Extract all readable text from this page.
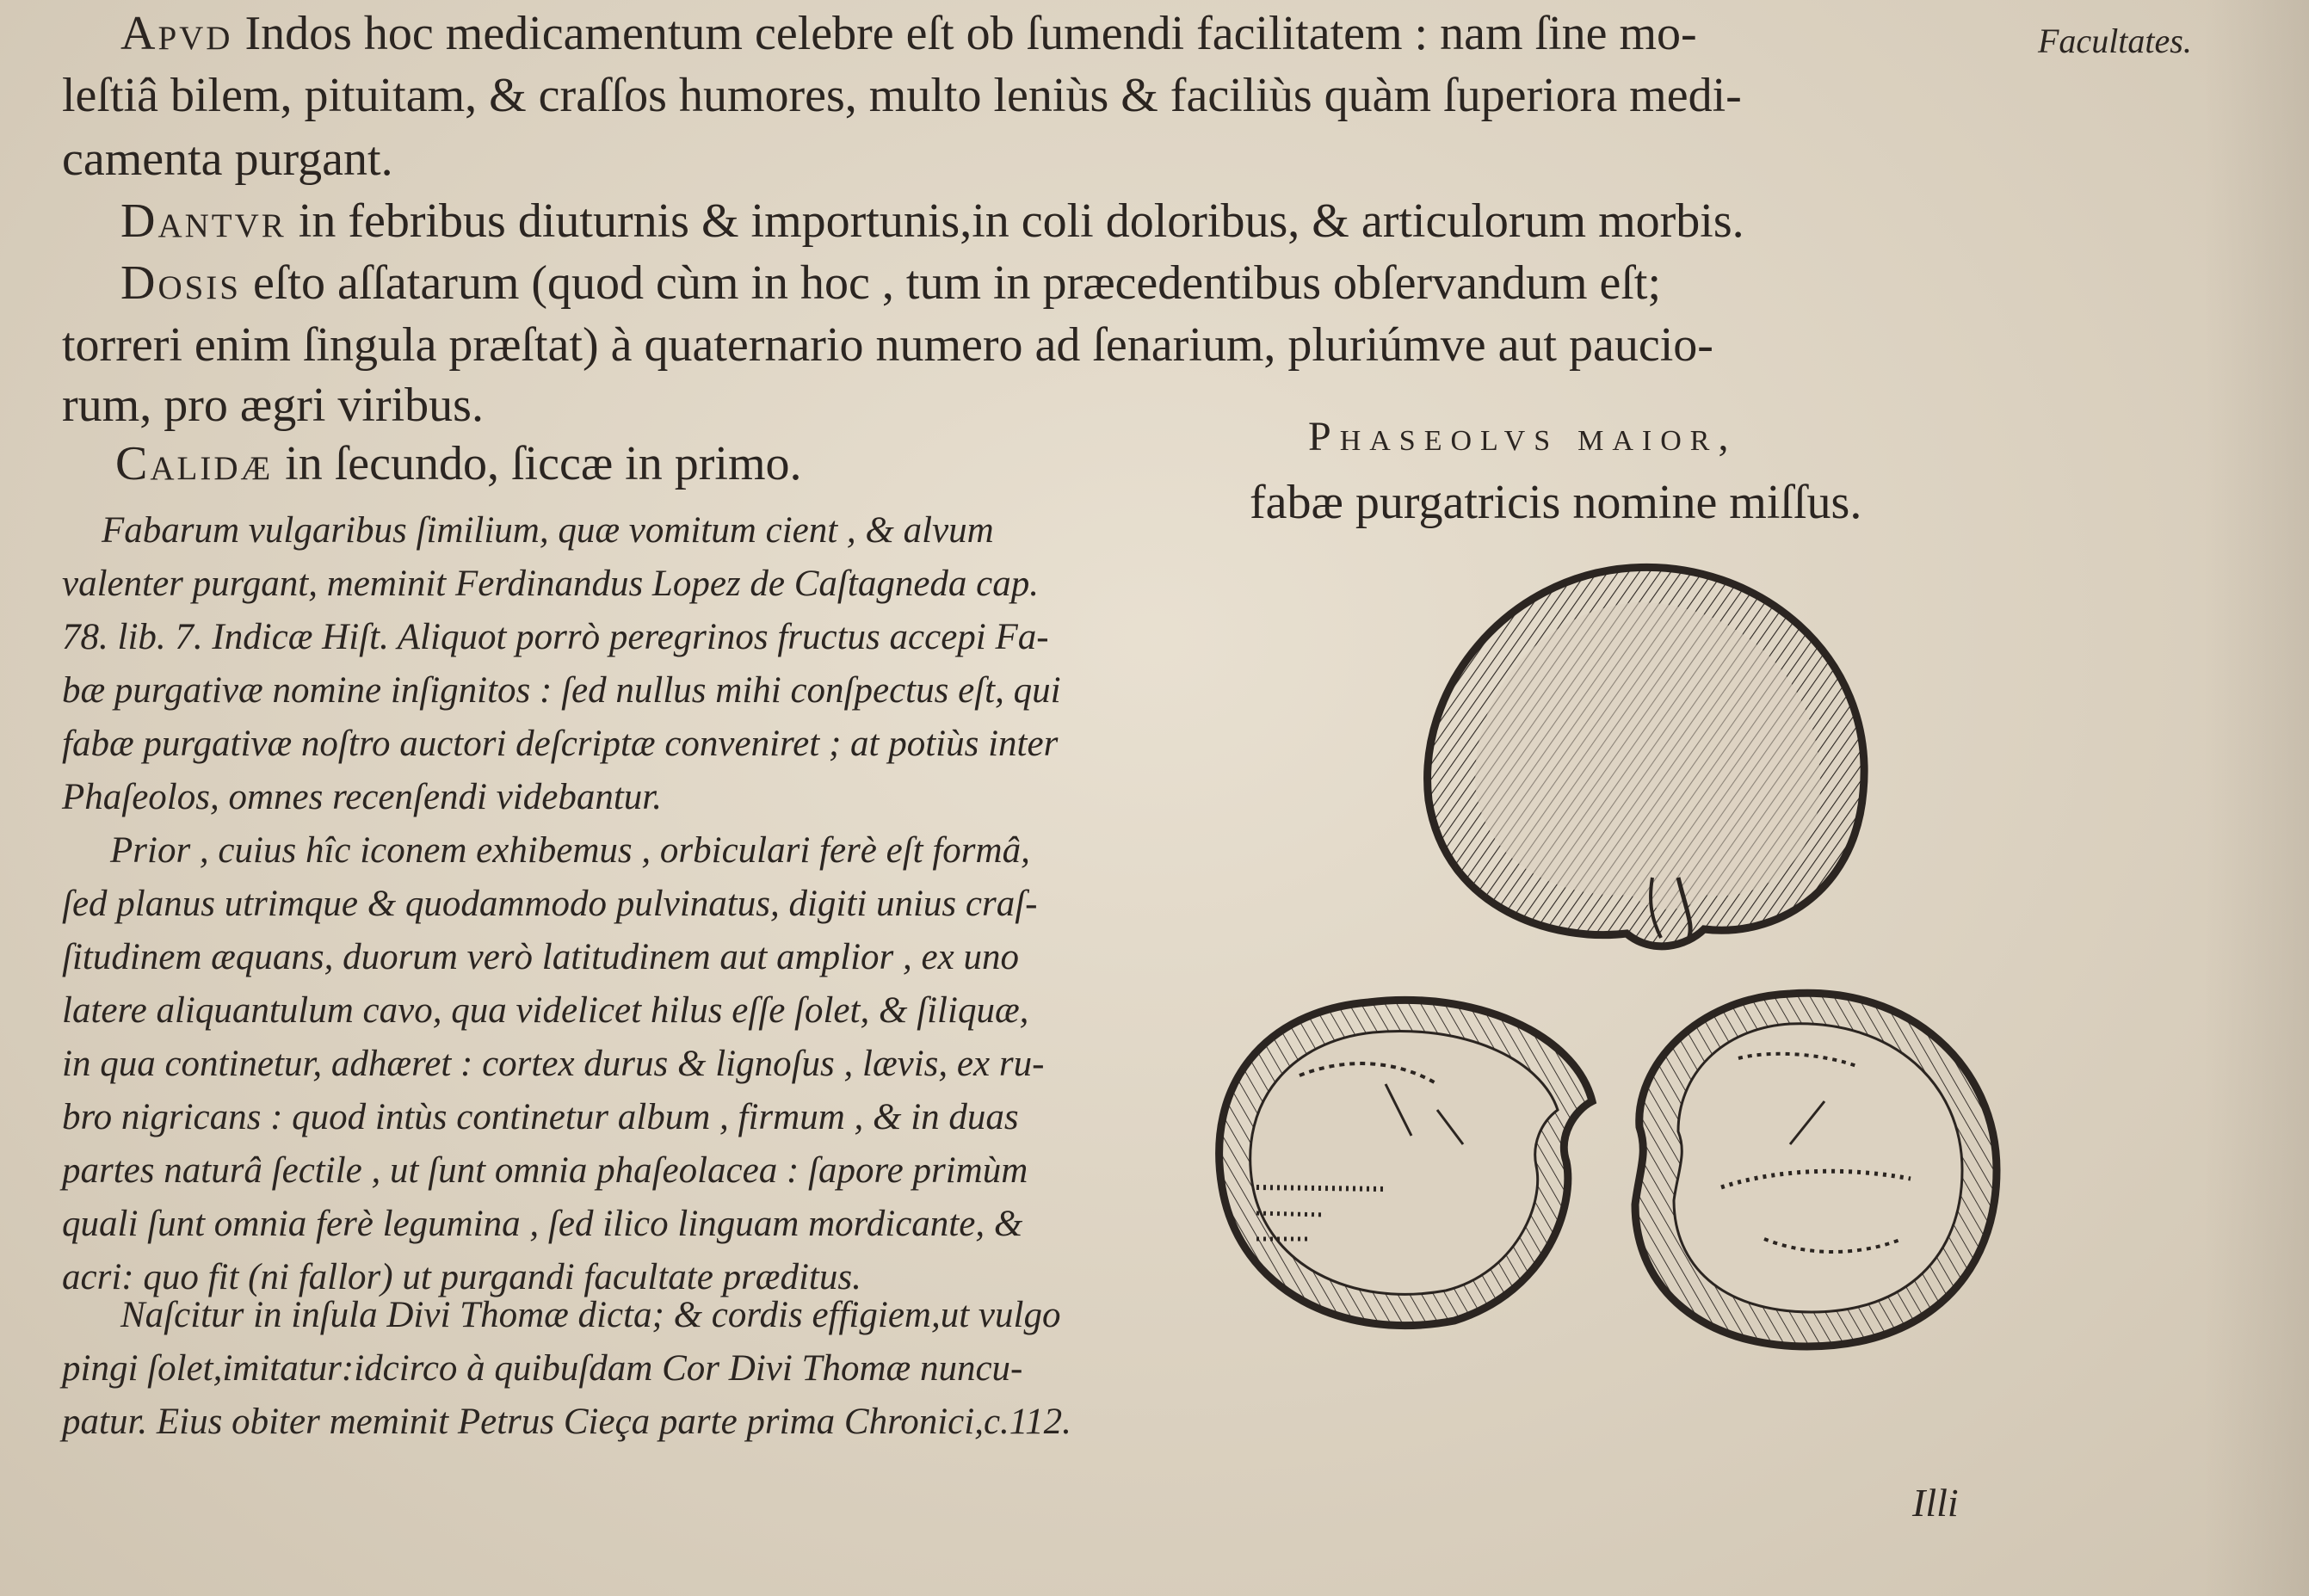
Facultates.
Apvd Indos hoc medicamentum celebre eſt ob ſumendi facilitatem : nam ſine mo-
leſtiâ bilem, pituitam, & craſſos humores, multo leniùs & faciliùs quàm ſuperiora medi-
camenta purgant.
Dantvr in febribus diuturnis & importunis,in coli doloribus, & articulorum morbis.
Dosis eſto aſſatarum (quod cùm in hoc , tum in præcedentibus obſervandum eſt;
torreri enim ſingula præſtat) à quaternario numero ad ſenarium, pluriúmve aut paucio-
rum, pro ægri viribus.
Calidæ in ſecundo, ſiccæ in primo.
Phaseolvs maior,
fabæ purgatricis nomine miſſus.
Fabarum vulgaribus ſimilium, quæ vomitum cient , & alvum
valenter purgant, meminit Ferdinandus Lopez de Caſtagneda cap.
78. lib. 7. Indicæ Hiſt. Aliquot porrò peregrinos fructus accepi Fa-
bæ purgativæ nomine inſignitos : ſed nullus mihi conſpectus eſt, qui
fabæ purgativæ noſtro auctori deſcriptæ conveniret ; at potiùs inter
Phaſeolos, omnes recenſendi videbantur.
Prior , cuius hîc iconem exhibemus , orbiculari ferè eſt formâ,
ſed planus utrimque & quodammodo pulvinatus, digiti unius craſ-
ſitudinem æquans, duorum verò latitudinem aut amplior , ex uno
latere aliquantulum cavo, qua videlicet hilus eſſe ſolet, & ſiliquæ,
in qua continetur, adhæret : cortex durus & lignoſus , lævis, ex ru-
bro nigricans : quod intùs continetur album , firmum , & in duas
partes naturâ ſectile , ut ſunt omnia phaſeolacea : ſapore primùm
quali ſunt omnia ferè legumina , ſed ilico linguam mordicante, &
acri: quo fit (ni fallor) ut purgandi facultate præditus.
Naſcitur in inſula Divi Thomæ dicta; & cordis effigiem,ut vulgo
pingi ſolet,imitatur:idcirco à quibuſdam Cor Divi Thomæ nuncu-
patur. Eius obiter meminit Petrus Cieça parte prima Chronici,c.112.
Illi
